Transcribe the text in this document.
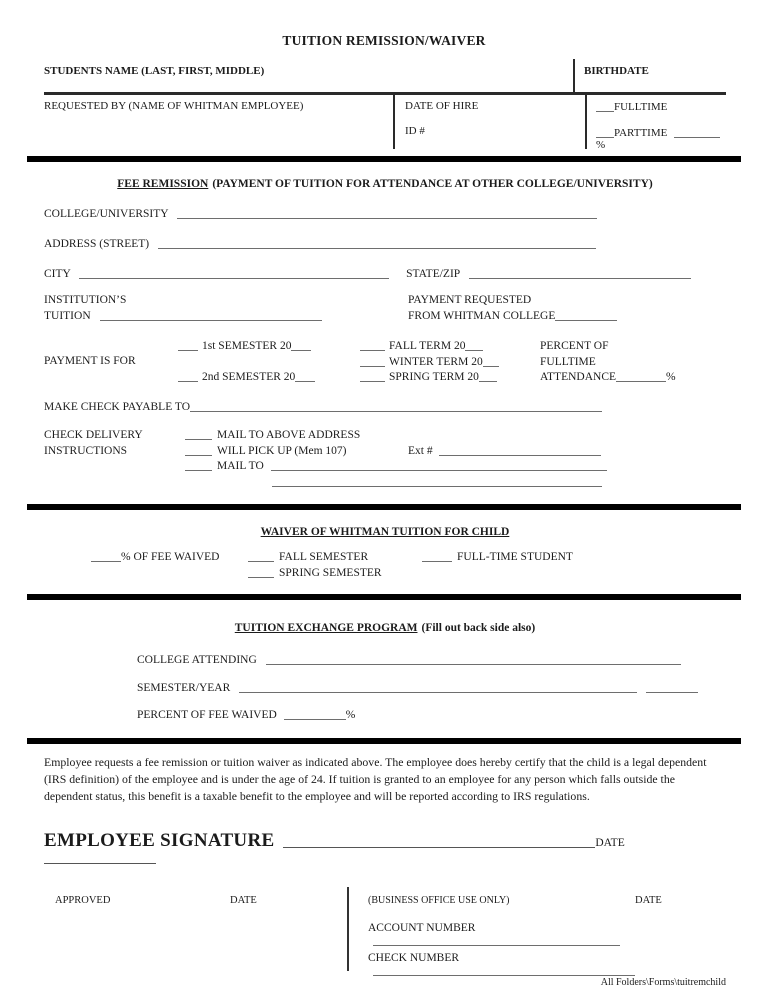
TUITION REMISSION/WAIVER
STUDENTS NAME (LAST, FIRST, MIDDLE)	BIRTHDATE
REQUESTED BY (NAME OF WHITMAN EMPLOYEE)	DATE OF HIRE
ID #
FULLTIME
PARTTIME %
FEE REMISSION (PAYMENT OF TUITION FOR ATTENDANCE AT OTHER COLLEGE/UNIVERSITY)
COLLEGE/UNIVERSITY
ADDRESS (STREET)
CITY	STATE/ZIP
INSTITUTION’S
TUITION
PAYMENT REQUESTED
FROM WHITMAN COLLEGE
PAYMENT IS FOR
1st SEMESTER 20
2nd SEMESTER 20
FALL TERM 20
WINTER TERM 20
SPRING TERM 20
PERCENT OF
FULLTIME
ATTENDANCE	%
MAKE CHECK PAYABLE TO
CHECK DELIVERY
INSTRUCTIONS
MAIL TO ABOVE ADDRESS
WILL PICK UP (Mem 107)	Ext #
MAIL TO
WAIVER OF WHITMAN TUITION FOR CHILD
% OF FEE WAIVED	FALL SEMESTER
SPRING SEMESTER
FULL-TIME STUDENT
TUITION EXCHANGE PROGRAM (Fill out back side also)
COLLEGE ATTENDING
SEMESTER/YEAR
PERCENT OF FEE WAIVED	%
Employee requests a fee remission or tuition waiver as indicated above. The employee does hereby certify that the child is a legal dependent (IRS definition) of the employee and is under the age of 24. If tuition is granted to an employee for any person which falls outside the dependent status, this benefit is a taxable benefit to the employee and will be reported according to IRS regulations.
EMPLOYEE SIGNATURE	DATE
APPROVED	DATE	(BUSINESS OFFICE USE ONLY)	DATE
ACCOUNT NUMBER
CHECK NUMBER
All Folders\Forms\tuitremchild
